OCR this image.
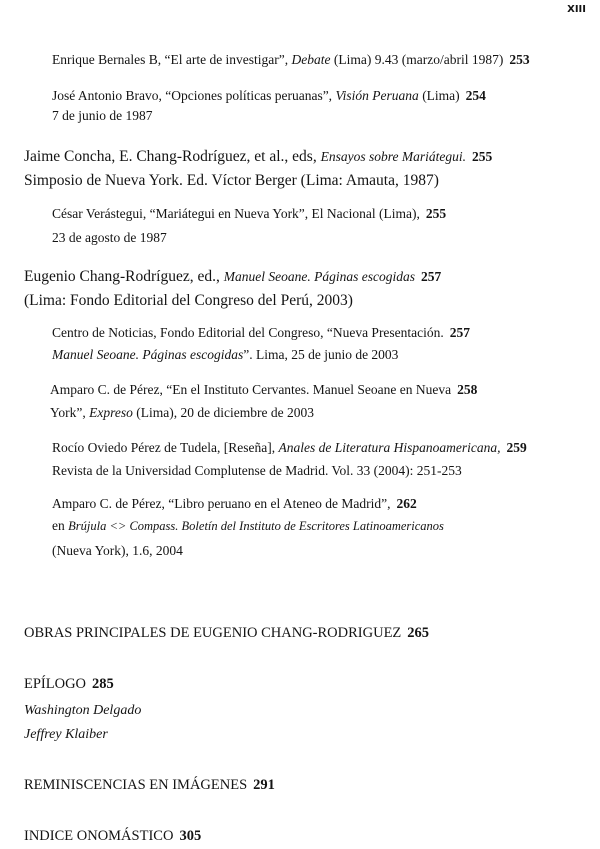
XIII
Enrique Bernales B, “El arte de investigar”, Debate (Lima) 9.43 (marzo/abril 1987) 253
José Antonio Bravo, “Opciones políticas peruanas”, Visión Peruana (Lima) 254
7 de junio de 1987
Jaime Concha, E. Chang-Rodríguez, et al., eds, Ensayos sobre Mariátegui. 255
Simposio de Nueva York. Ed. Víctor Berger (Lima: Amauta, 1987)
César Verástegui, “Mariátegui en Nueva York”, El Nacional (Lima), 255
23 de agosto de 1987
Eugenio Chang-Rodríguez, ed., Manuel Seoane. Páginas escogidas 257
(Lima: Fondo Editorial del Congreso del Perú, 2003)
Centro de Noticias, Fondo Editorial del Congreso, “Nueva Presentación. 257
Manuel Seoane. Páginas escogidas”. Lima, 25 de junio de 2003
Amparo C. de Pérez, “En el Instituto Cervantes. Manuel Seoane en Nueva 258
York”, Expreso (Lima), 20 de diciembre de 2003
Rocío Oviedo Pérez de Tudela, [Reseña], Anales de Literatura Hispanoamericana, 259
Revista de la Universidad Complutense de Madrid. Vol. 33 (2004): 251-253
Amparo C. de Pérez, “Libro peruano en el Ateneo de Madrid”, 262
en Brújula <> Compass. Boletín del Instituto de Escritores Latinoamericanos
(Nueva York), 1.6, 2004
OBRAS PRINCIPALES DE EUGENIO CHANG-RODRIGUEZ 265
EPÍLOGO 285
Washington Delgado
Jeffrey Klaiber
REMINISCENCIAS EN IMÁGENES 291
INDICE ONOMÁSTICO 305
